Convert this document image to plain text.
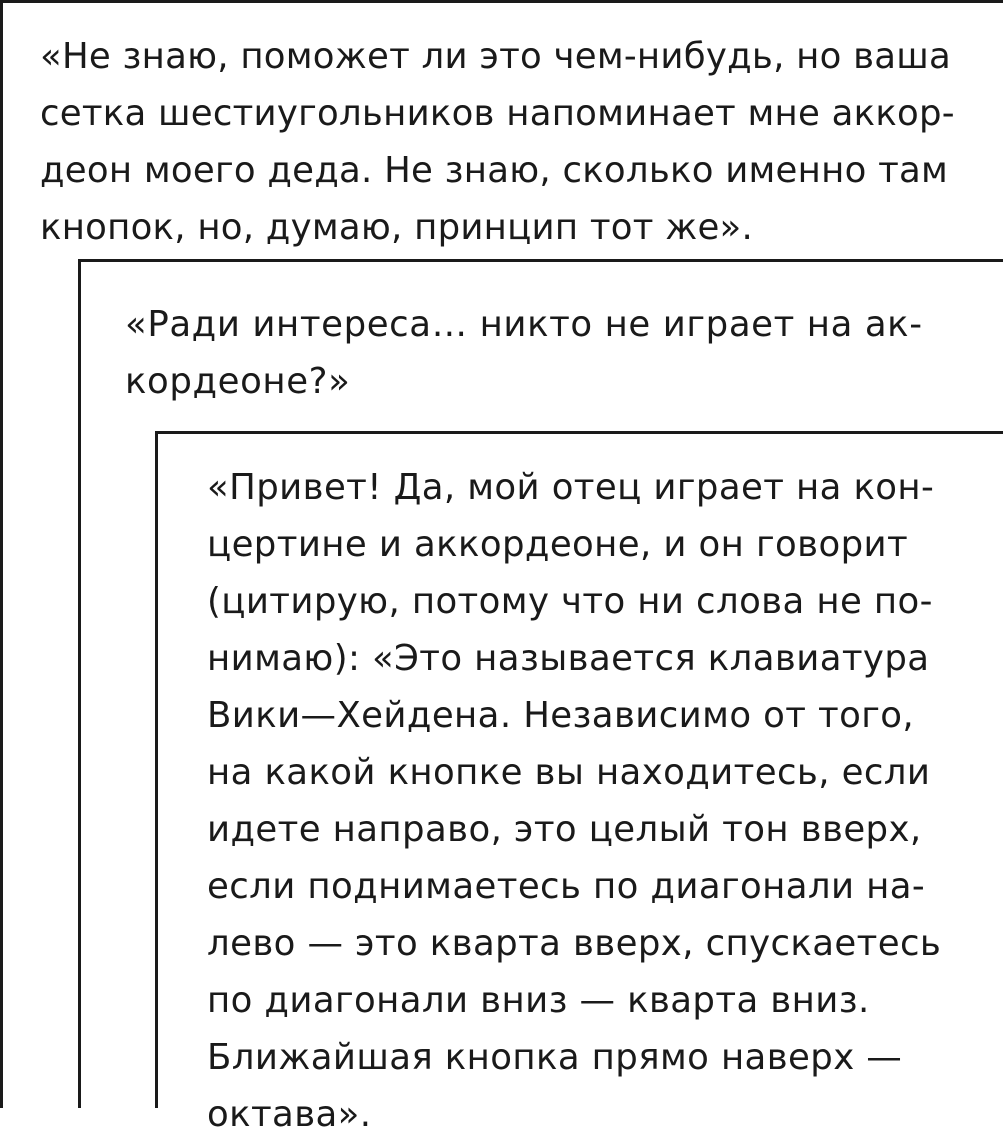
«Не знаю, поможет ли это чем-нибудь, но ваша
сетка шестиугольников напоминает мне аккор-
деон моего деда. Не знаю, сколько именно там
кнопок, но, думаю, принцип тот же».
«Ради интереса… никто не играет на ак-
кордеоне?»
«Привет! Да, мой отец играет на кон-
цертине и аккордеоне, и он говорит
(цитирую, потому что ни слова не по-
нимаю): «Это называется клавиатура
Вики—Хейдена. Независимо от того,
на какой кнопке вы находитесь, если
идете направо, это целый тон вверх,
если поднимаетесь по диагонали на-
лево — это кварта вверх, спускаетесь
по диагонали вниз — кварта вниз.
Ближайшая кнопка прямо наверх —
октава».
